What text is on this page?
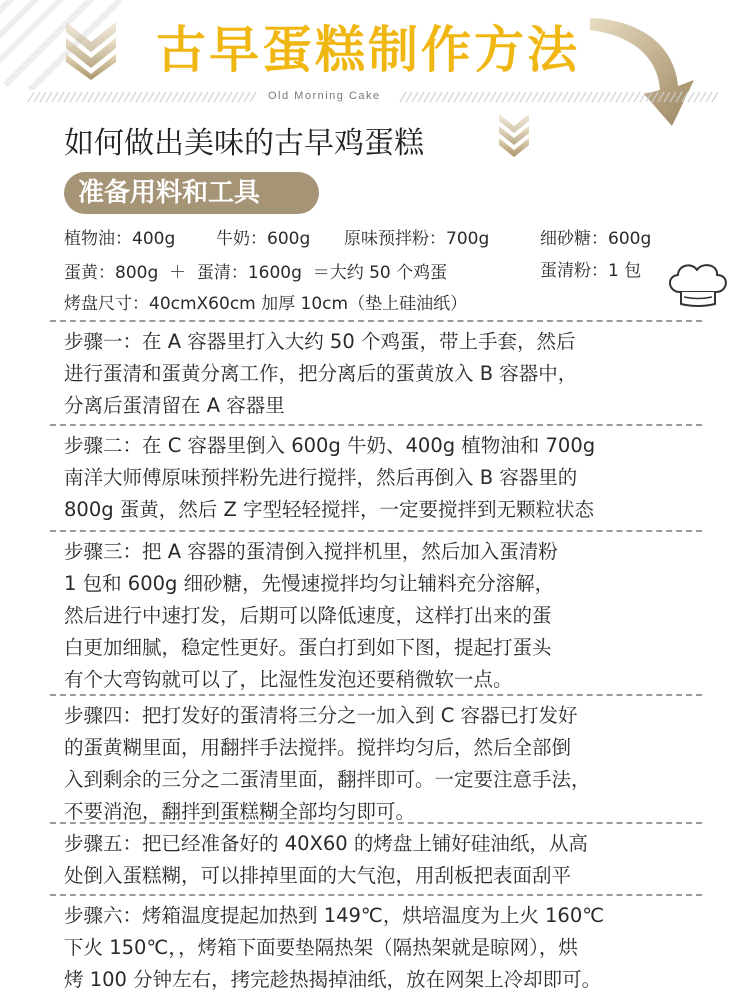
古早蛋糕制作方法
Old Morning Cake
如何做出美味的古早鸡蛋糕
准备用料和工具
植物油：400g 牛奶：600g 原味预拌粉：700g	细砂糖：600g
蛋黄：800g  ＋  蛋清：1600g  ＝大约 50 个鸡蛋	蛋清粉：1 包
烤盘尺寸：40cmX60cm 加厚 10cm（垫上硅油纸）

步骤一：在 A 容器里打入大约 50 个鸡蛋，带上手套，然后

进行蛋清和蛋黄分离工作，把分离后的蛋黄放入 B 容器中，

分离后蛋清留在 A 容器里

步骤二：在 C 容器里倒入 600g 牛奶、400g 植物油和 700g

南洋大师傅原味预拌粉先进行搅拌，然后再倒入 B 容器里的

800g 蛋黄，然后 Z 字型轻轻搅拌，一定要搅拌到无颗粒状态

步骤三：把 A 容器的蛋清倒入搅拌机里，然后加入蛋清粉

1 包和 600g 细砂糖，先慢速搅拌均匀让辅料充分溶解，

然后进行中速打发，后期可以降低速度，这样打出来的蛋

白更加细腻，稳定性更好。蛋白打到如下图，提起打蛋头

有个大弯钩就可以了，比湿性发泡还要稍微软一点。

步骤四：把打发好的蛋清将三分之一加入到 C 容器已打发好

的蛋黄糊里面，用翻拌手法搅拌。搅拌均匀后，然后全部倒

入到剩余的三分之二蛋清里面，翻拌即可。一定要注意手法，

不要消泡，翻拌到蛋糕糊全部均匀即可。

步骤五：把已经准备好的 40X60 的烤盘上铺好硅油纸，从高

处倒入蛋糕糊，可以排掉里面的大气泡，用刮板把表面刮平

步骤六：烤箱温度提起加热到 149℃，烘培温度为上火 160℃

下火 150℃，，烤箱下面要垫隔热架（隔热架就是晾网），烘

烤 100 分钟左右，拷完趁热揭掉油纸，放在网架上冷却即可。
